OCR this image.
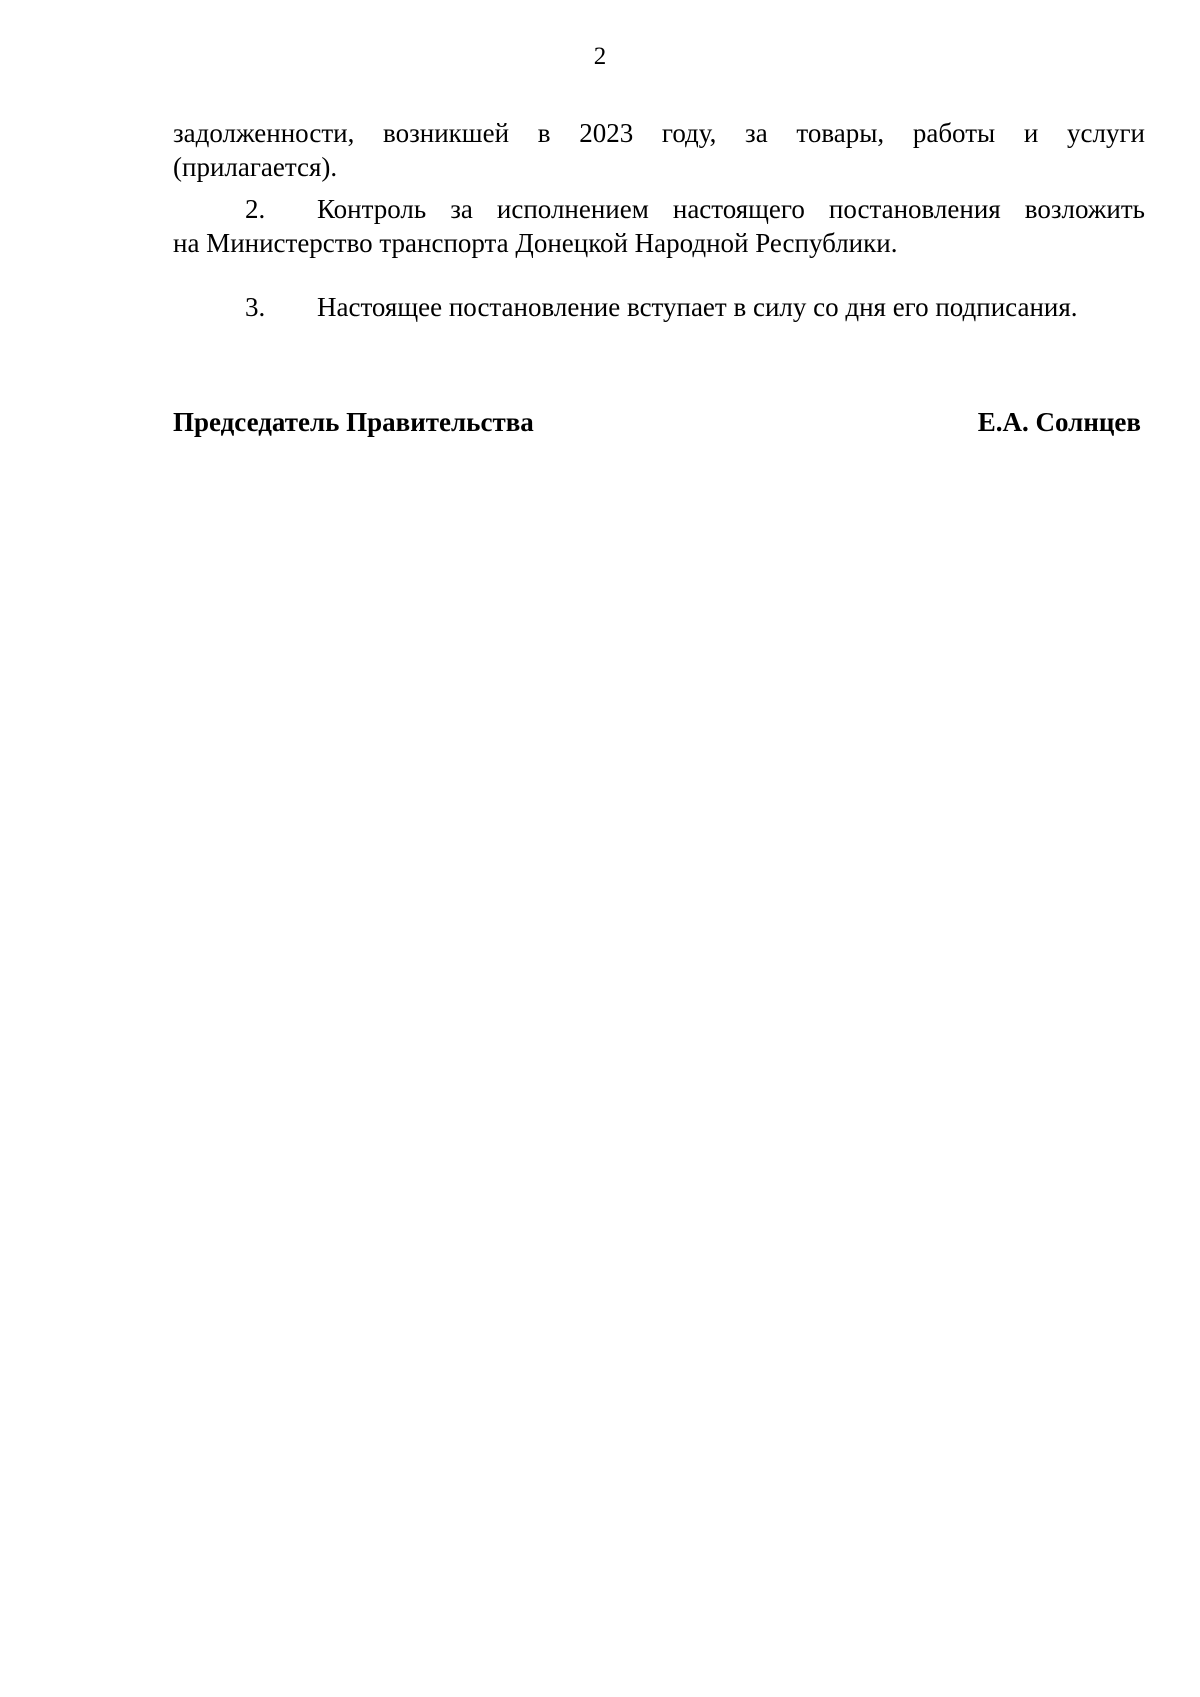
2
задолженности, возникшей в 2023 году, за товары, работы и услуги
(прилагается).
2. Контроль за исполнением настоящего постановления возложить
на Министерство транспорта Донецкой Народной Республики.
3. Настоящее постановление вступает в силу со дня его подписания.
Председатель Правительства	Е.А. Солнцев
